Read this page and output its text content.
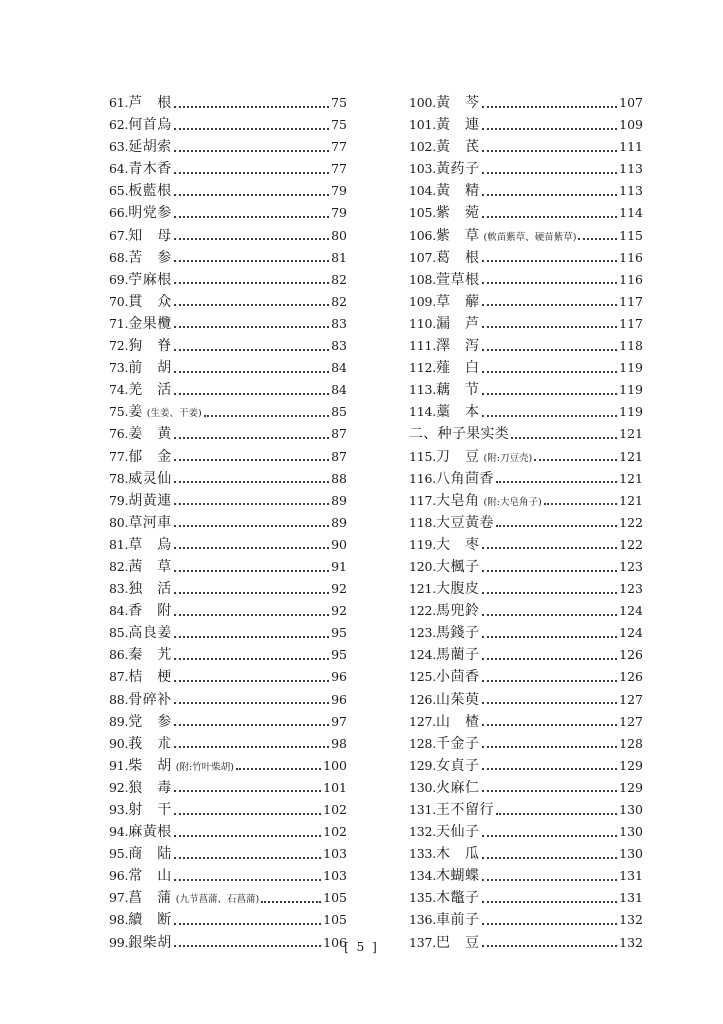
61. 芦　根	75
62. 何首烏	75
63. 延胡索	77
64. 青木香	77
65. 板藍根	79
66. 明党参	79
67. 知　母	80
68. 苦　参	81
69. 苧麻根	82
70. 貫　众	82
71. 金果欖	83
72. 狗　脊	83
73. 前　胡	84
74. 羌　活	84
75. 姜 (生姜、干姜)	85
76. 姜　黄	87
77. 郁　金	87
78. 威灵仙	88
79. 胡黃連	89
80. 草河車	89
81. 草　烏	90
82. 茜　草	91
83. 独　活	92
84. 香　附	92
85. 高良姜	95
86. 秦　艽	95
87. 桔　梗	96
88. 骨碎补	96
89. 党　参	97
90. 莪　朮	98
91. 柴　胡 (附:竹叶柴胡)	100
92. 狼　毒	101
93. 射　干	102
94. 麻黃根	102
95. 商　陆	103
96. 常　山	103
97. 菖　蒲 (九节菖蒲、石菖蒲)	105
98. 續　断	105
99. 銀柴胡	106
100. 黃　芩	107
101. 黃　連	109
102. 黃　芪	111
103. 黃药子	113
104. 黃　精	113
105. 紫　菀	114
106. 紫　草 (軟苗紫草、硬苗紫草)	115
107. 葛　根	116
108. 萱草根	116
109. 草　薢	117
110. 漏　芦	117
111. 澤　泻	118
112. 薤　白	119
113. 藕　节	119
114. 藁　本	119
二、种子果实类	121
115. 刀　豆 (附:刀豆壳)	121
116. 八角茴香	121
117. 大皂角 (附:大皂角子)	121
118. 大豆黃卷	122
119. 大　枣	122
120. 大楓子	123
121. 大腹皮	123
122. 馬兜鈴	124
123. 馬錢子	124
124. 馬藺子	126
125. 小茴香	126
126. 山茱萸	127
127. 山　楂	127
128. 千金子	128
129. 女貞子	129
130. 火麻仁	129
131. 王不留行	130
132. 天仙子	130
133. 木　瓜	130
134. 木蝴蝶	131
135. 木鼈子	131
136. 車前子	132
137. 巴　豆	132
[ 5 ]
